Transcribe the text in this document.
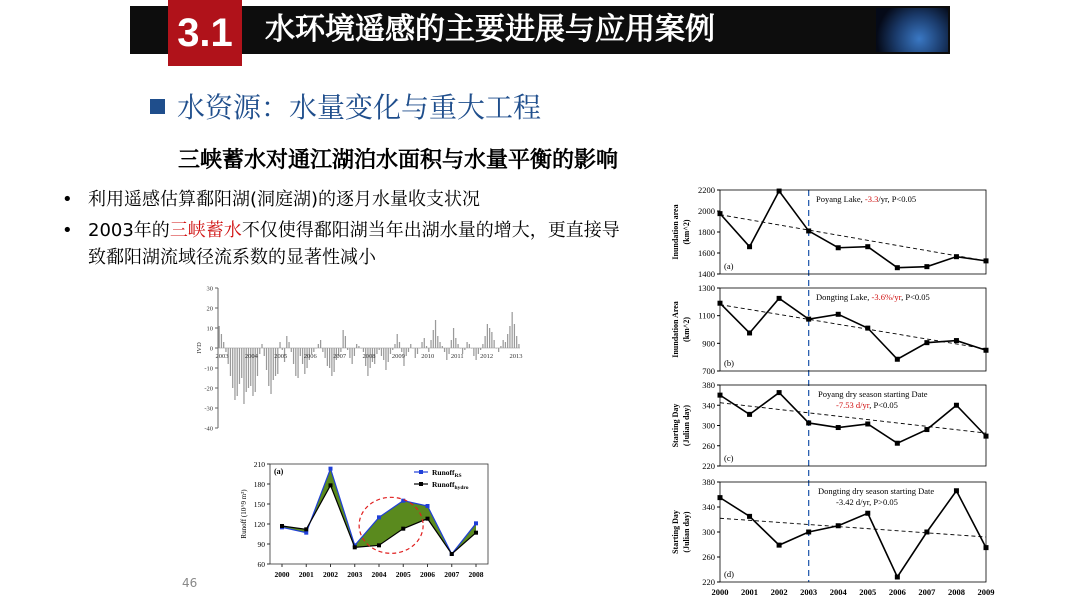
3.1	水环境遥感的主要进展与应用案例
水资源：水量变化与重大工程
三峡蓄水对通江湖泊水面积与水量平衡的影响
• 利用遥感估算鄱阳湖(洞庭湖)的逐月水量收支状况
• 2003年的三峡蓄水不仅使得鄱阳湖当年出湖水量的增大，更直接导致鄱阳湖流域径流系数的显著性减小
30
20
10
0
-10
-20
-30
-40
IVD
2003	2004	2005	2006	2007	2008	2009	2010	2011	2012	2013
60
90
120
150
180
210
Runoff (10^9 m³)
2000 2001 2002 2003 2004 2005 2006 2007 2008
(a)	Runoff$_{RS}$
Runoff$_{hydro}$
1400
1600
1800
2000
2200
Inundation area (km^2)
(a)
Poyang Lake, -3.3/yr, P<0.05
700
900
1100
1300
Inundation Area (km^2)
(b)
Dongting Lake, -3.6%/yr, P<0.05
220
260
300
340
380
Starting Day (Julian day)
(c)
Poyang dry season starting Date
-7.53 d/yr, P<0.05
220
260
300
340
380
Starting Day (Julian day)
(d)
Dongting dry season starting Date
-3.42 d/yr, P>0.05
2000 2001 2002 2003 2004 2005 2006 2007 2008 2009
46
